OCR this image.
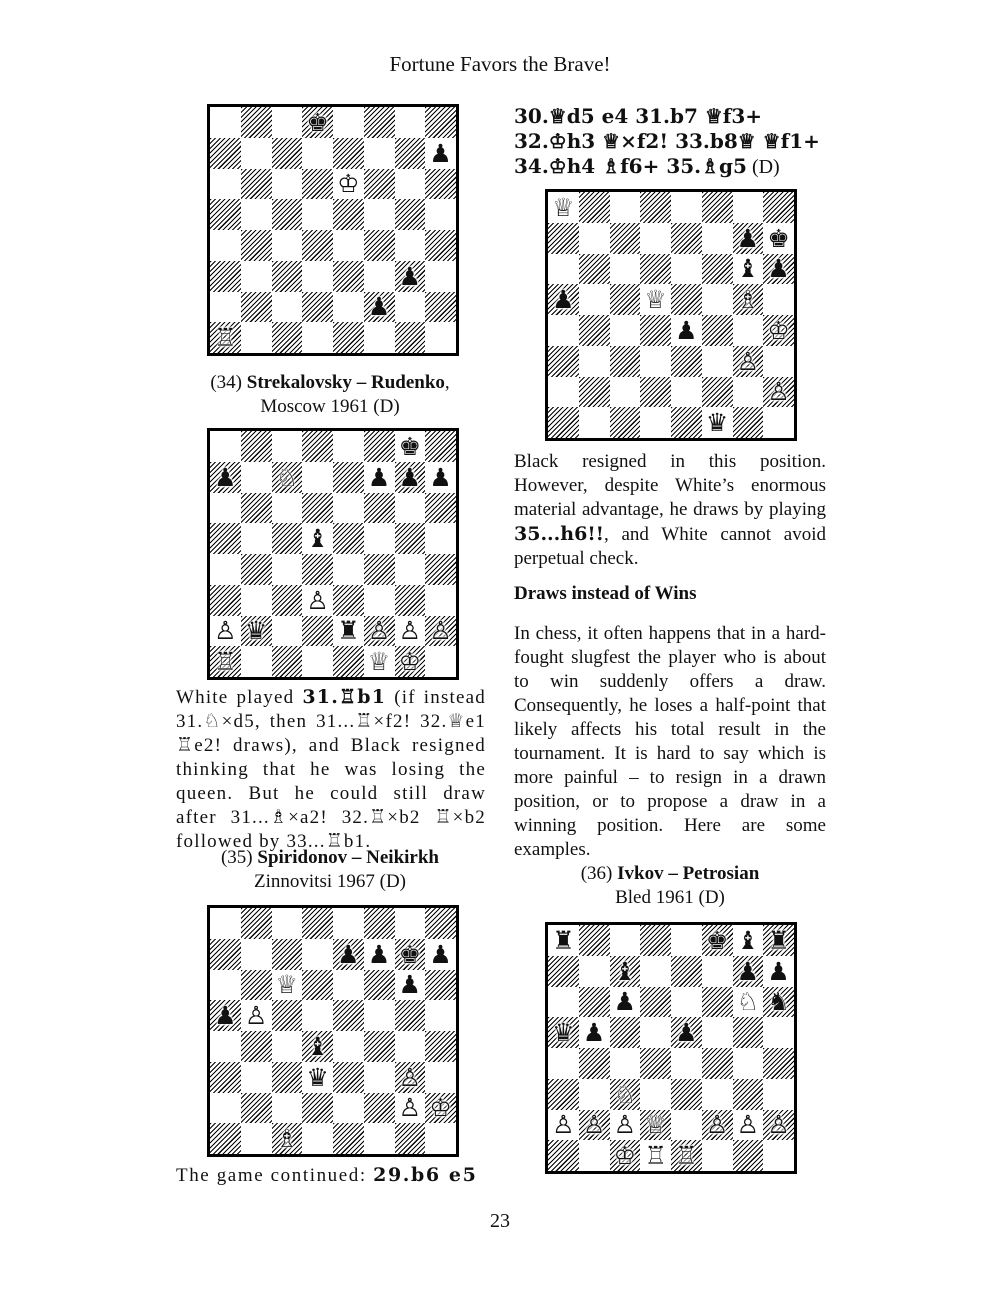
Fortune Favors the Brave!
♚
♟
♔
♟
♟
♖
(34) Strekalovsky – Rudenko,
Moscow 1961 (D)
♚
♟ ♘	♟ ♟ ♟
♝
♙
♙ ♛	♜ ♙ ♙ ♙
♖	♕ ♔
White played 31.♖b1 (if instead 31.♘×d5, then 31...♖×f2! 32.♕e1 ♖e2! draws), and Black resigned thinking that he was losing the queen. But he could still draw after 31...♗×a2! 32.♖×b2 ♖×b2 followed by 33...♖b1.
(35) Spiridonov – Neikirkh
Zinnovitsi 1967 (D)
♟ ♟ ♚ ♟
♕	♟
♟ ♙
♝
♛	♙
♙ ♔
♗
The game continued: 29.b6 e5
30.♕d5 e4 31.b7 ♕f3+ 32.♔h3 ♕×f2! 33.b8♕ ♕f1+ 34.♔h4 ♗f6+ 35.♗g5 (D)
♕
♟ ♚
♝ ♟
♟	♕	♗
♟	♔
♙
♙
♛
Black resigned in this position. However, despite White’s enormous material advantage, he draws by playing 35...h6!!, and White cannot avoid perpetual check.
Draws instead of Wins
In chess, it often happens that in a hard-fought slugfest the player who is about to win suddenly offers a draw. Consequently, he loses a half-point that likely affects his total result in the tournament. It is hard to say which is more painful – to resign in a drawn position, or to propose a draw in a winning position. Here are some examples.
(36) Ivkov – Petrosian
Bled 1961 (D)
♜	♚ ♝ ♜
♝	♟ ♟
♟	♘ ♞
♛ ♟	♟
♘
♙ ♙ ♙ ♕ ♙ ♙ ♙
♔ ♖ ♖
23
